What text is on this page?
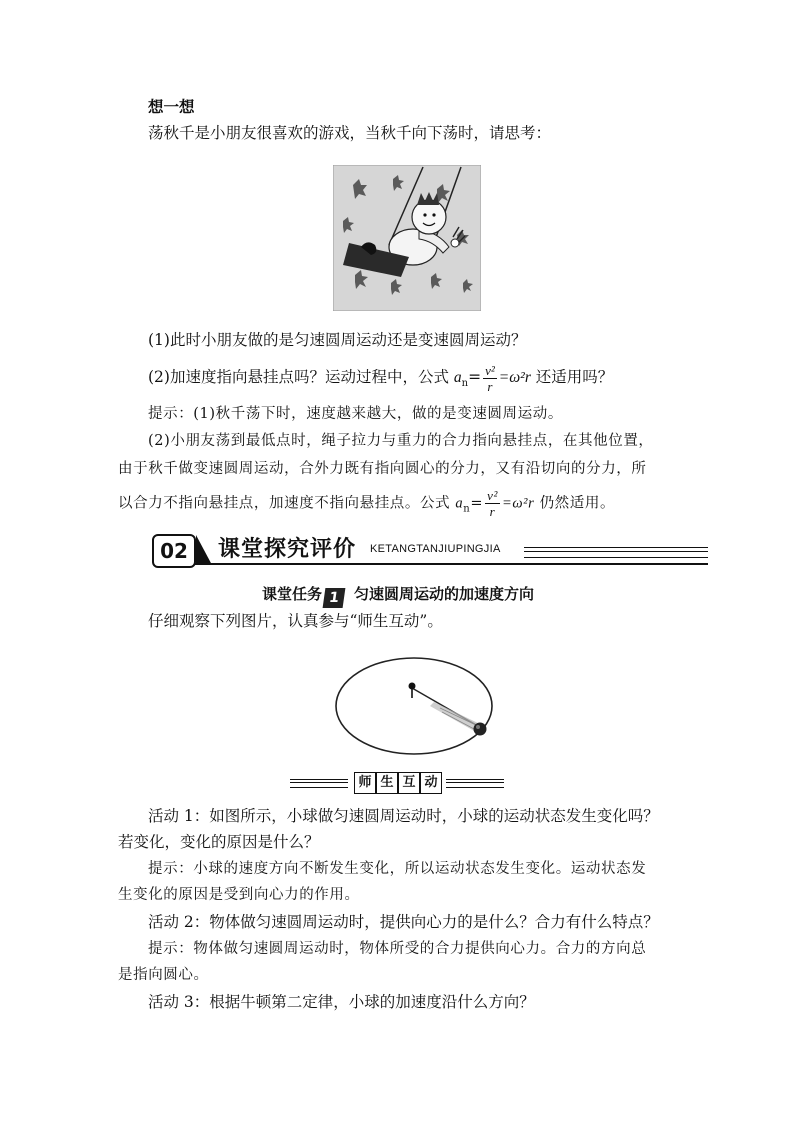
想一想
荡秋千是小朋友很喜欢的游戏，当秋千向下荡时，请思考：
(1)此时小朋友做的是匀速圆周运动还是变速圆周运动？
(2)加速度指向悬挂点吗？运动过程中，公式 $a_n= \frac{\text{v²}}{r} =\omega^2r$ 还适用吗？
提示：(1)秋千荡下时，速度越来越大，做的是变速圆周运动。
(2)小朋友荡到最低点时，绳子拉力与重力的合力指向悬挂点，在其他位置，
由于秋千做变速圆周运动，合外力既有指向圆心的分力，又有沿切向的分力，所
以合力不指向悬挂点，加速度不指向悬挂点。公式 $a_n= \frac{\text{v²}}{r} =\omega^2r$ 仍然适用。
02	课堂探究评价 KETANGTANJIUPINGJIA
课堂任务 1 匀速圆周运动的加速度方向
仔细观察下列图片，认真参与“师生互动”。
师 生 互 动
活动 1：如图所示，小球做匀速圆周运动时，小球的运动状态发生变化吗？
若变化，变化的原因是什么？
提示：小球的速度方向不断发生变化，所以运动状态发生变化。运动状态发
生变化的原因是受到向心力的作用。
活动 2：物体做匀速圆周运动时，提供向心力的是什么？合力有什么特点？
提示：物体做匀速圆周运动时，物体所受的合力提供向心力。合力的方向总
是指向圆心。
活动 3：根据牛顿第二定律，小球的加速度沿什么方向？
